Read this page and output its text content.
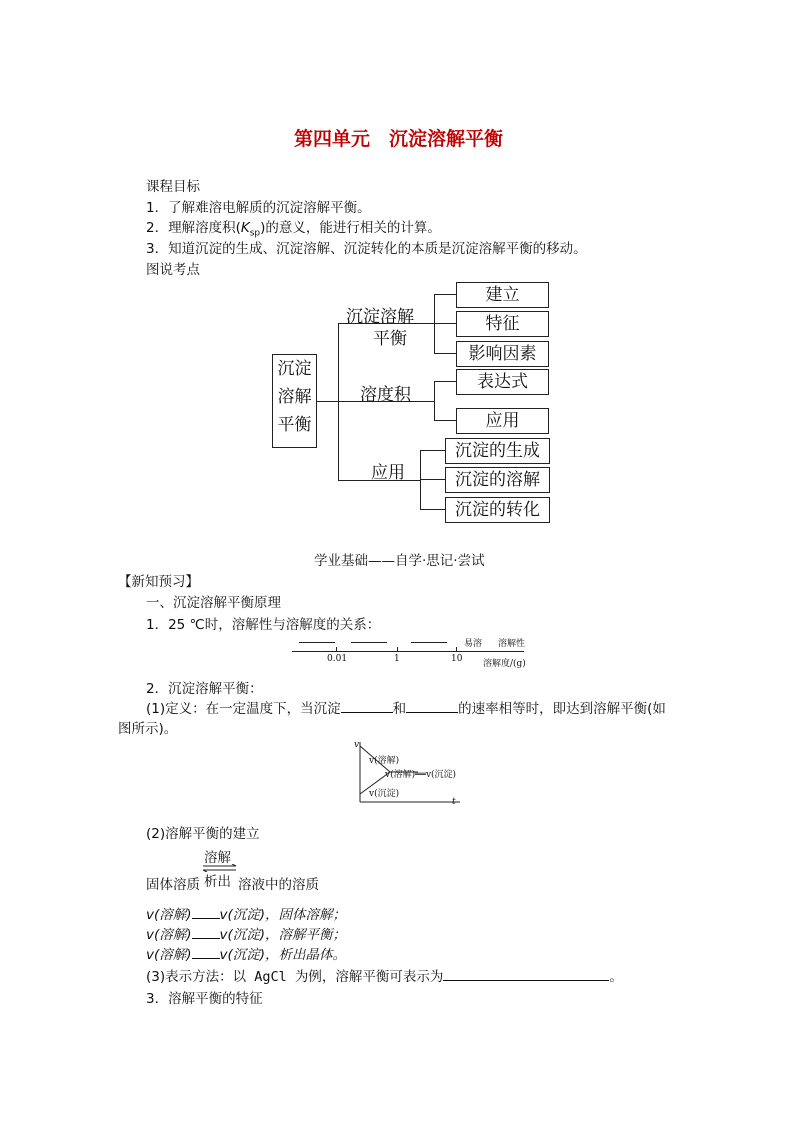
第四单元　沉淀溶解平衡
课程目标
1．了解难溶电解质的沉淀溶解平衡。
2．理解溶度积$(K_{sp})$的意义，能进行相关的计算。
3．知道沉淀的生成、沉淀溶解、沉淀转化的本质是沉淀溶解平衡的移动。
图说考点
沉淀
溶解
平衡
沉淀溶解
平衡
溶度积
应用
建立
特征
影响因素
表达式
应用
沉淀的生成
沉淀的溶解
沉淀的转化
学业基础——自学·思记·尝试
【新知预习】
一、沉淀溶解平衡原理
1．25 ℃时，溶解性与溶解度的关系：
0.01	1	10
易溶 溶解性
溶解度/(g)
2．沉淀溶解平衡：
(1)定义：在一定温度下，当沉淀	和	的速率相等时，即达到溶解平衡(如
图所示)。
v
t
v(溶解)
v(溶解)══v(沉淀)
v(沉淀)
(2)溶解平衡的建立
溶解
固体溶质 析出 溶液中的溶质
v(溶解) v(沉淀)，固体溶解；
v(溶解) v(沉淀)，溶解平衡；
v(溶解) v(沉淀)，析出晶体。
(3)表示方法：以 AgCl 为例，溶解平衡可表示为	。
3．溶解平衡的特征
